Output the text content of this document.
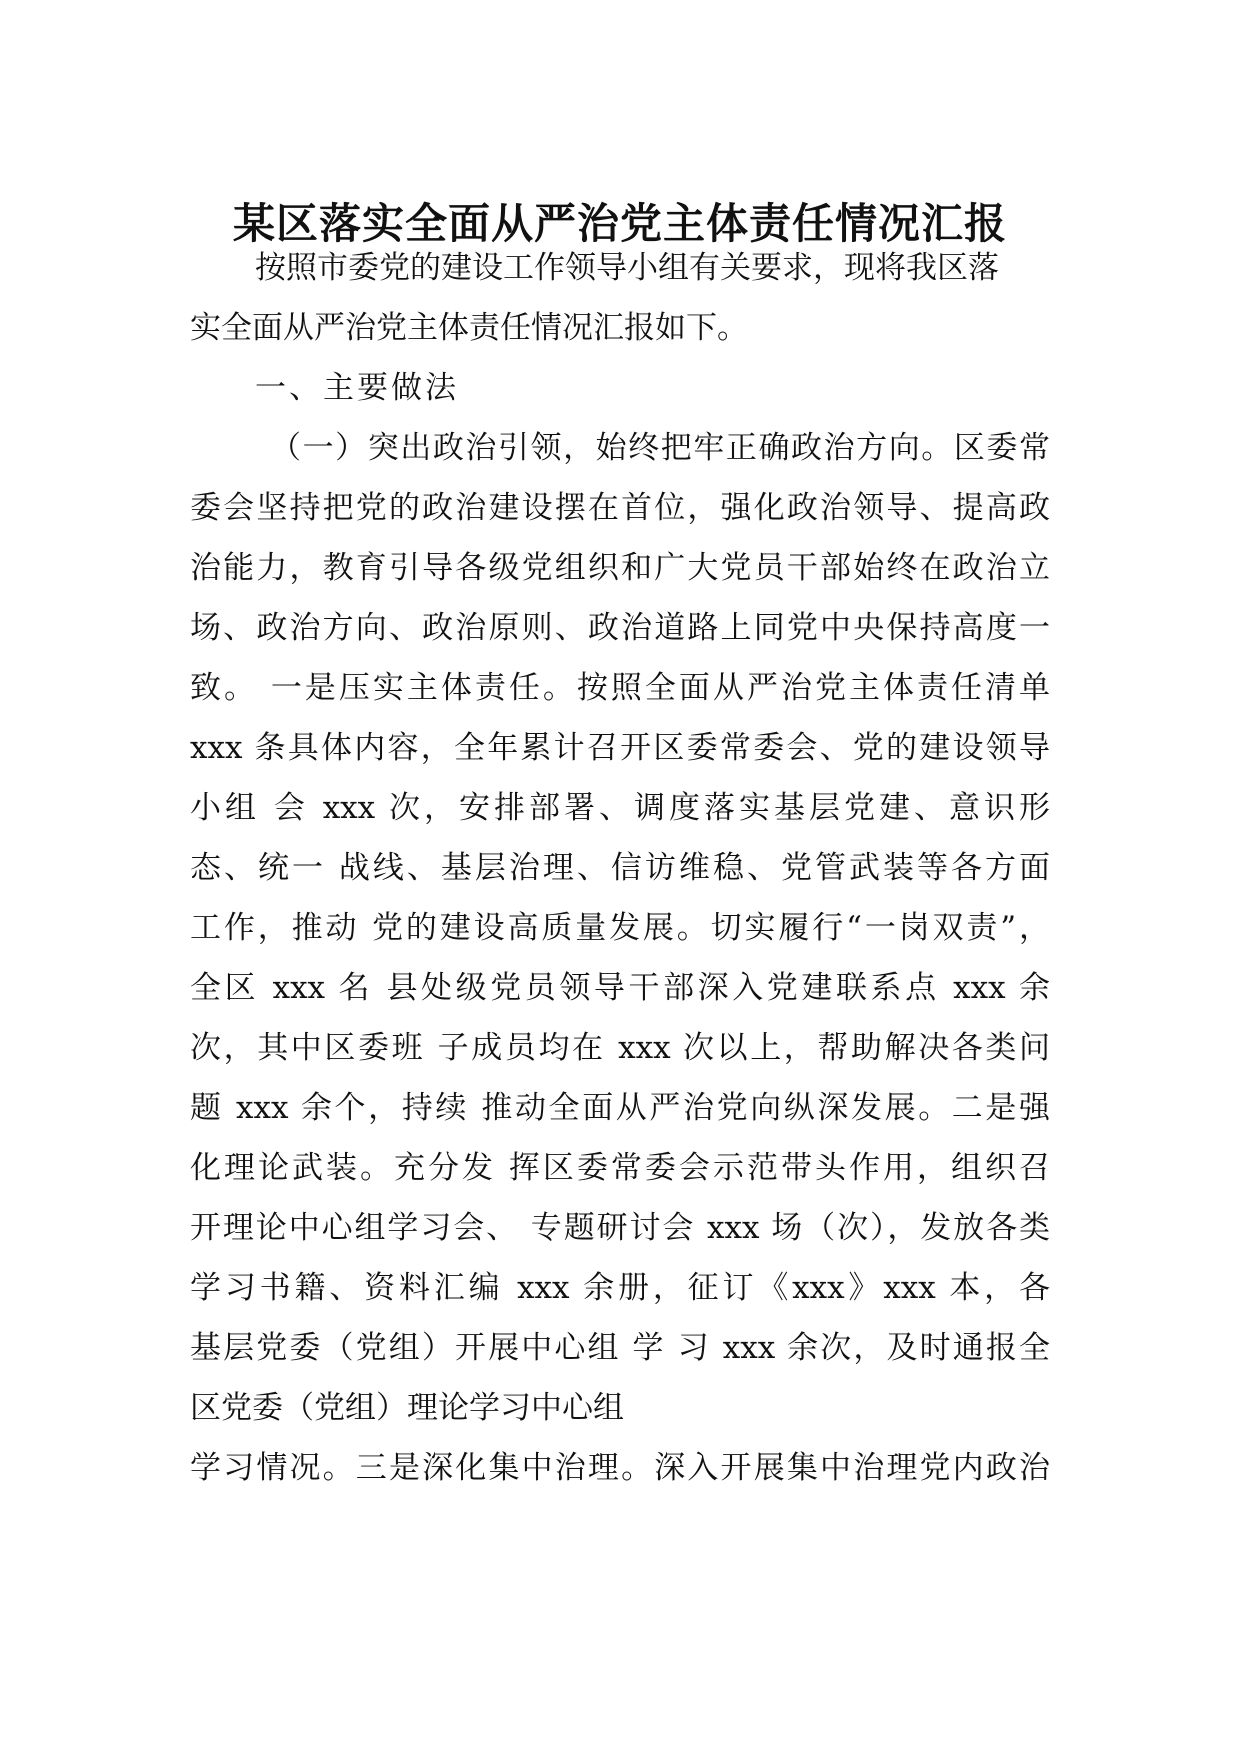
某区落实全面从严治党主体责任情况汇报
按照市委党的建设工作领导小组有关要求，现将我区落
实全面从严治党主体责任情况汇报如下。
一、主要做法
（一）突出政治引领，始终把牢正确政治方向。区委常
委会坚持把党的政治建设摆在首位，强化政治领导、提高政
治能力，教育引导各级党组织和广大党员干部始终在政治立
场、政治方向、政治原则、政治道路上同党中央保持高度一
致。 一是压实主体责任。按照全面从严治党主体责任清单
xxx 条具体内容，全年累计召开区委常委会、党的建设领导
小组 会 xxx 次，安排部署、调度落实基层党建、意识形
态、统一 战线、基层治理、信访维稳、党管武装等各方面
工作，推动 党的建设高质量发展。切实履行“一岗双责”，
全区 xxx 名 县处级党员领导干部深入党建联系点 xxx 余
次，其中区委班 子成员均在 xxx 次以上，帮助解决各类问
题 xxx 余个，持续 推动全面从严治党向纵深发展。二是强
化理论武装。充分发 挥区委常委会示范带头作用，组织召
开理论中心组学习会、 专题研讨会 xxx 场（次），发放各类
学习书籍、资料汇编 xxx 余册，征订《xxx》xxx 本，各
基层党委（党组）开展中心组 学 习 xxx 余次，及时通报全
区党委（党组）理论学习中心组
学习情况。三是深化集中治理。深入开展集中治理党内政治
